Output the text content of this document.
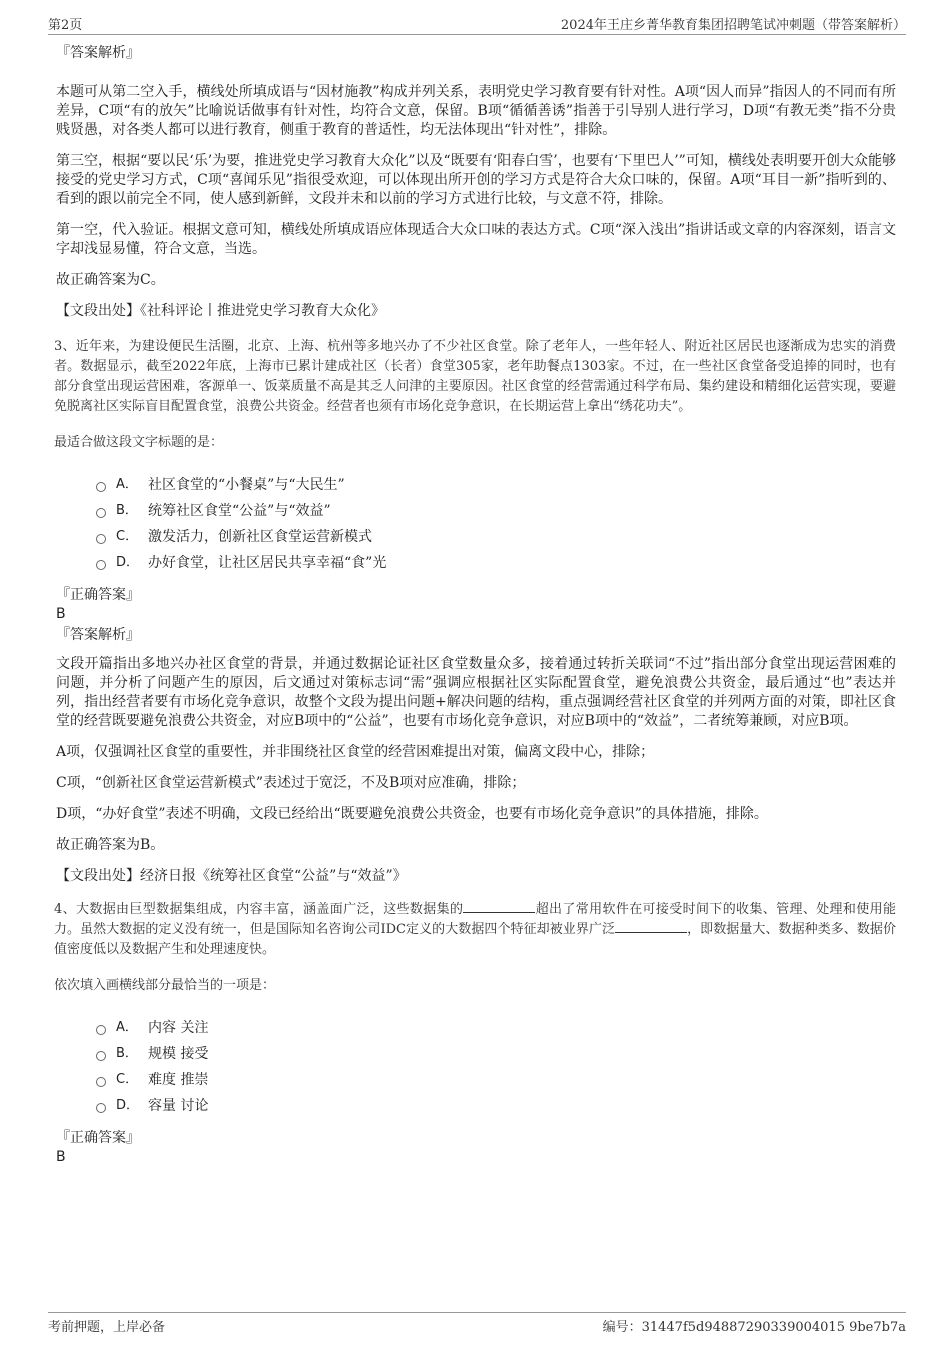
第2页	2024年王庄乡菁华教育集团招聘笔试冲刺题（带答案解析）

『答案解析』

本题可从第二空入手，横线处所填成语与“因材施教”构成并列关系，表明党史学习教育要有针对性。A项“因人而异”指因人的不同而有所差异，C项“有的放矢”比喻说话做事有针对性，均符合文意，保留。B项“循循善诱”指善于引导别人进行学习，D项“有教无类”指不分贵贱贤愚，对各类人都可以进行教育，侧重于教育的普适性，均无法体现出“针对性”，排除。

第三空，根据“要以民‘乐’为要，推进党史学习教育大众化”以及“既要有‘阳春白雪’，也要有‘下里巴人’”可知，横线处表明要开创大众能够接受的党史学习方式，C项“喜闻乐见”指很受欢迎，可以体现出所开创的学习方式是符合大众口味的，保留。A项“耳目一新”指听到的、看到的跟以前完全不同，使人感到新鲜，文段并未和以前的学习方式进行比较，与文意不符，排除。

第一空，代入验证。根据文意可知，横线处所填成语应体现适合大众口味的表达方式。C项“深入浅出”指讲话或文章的内容深刻，语言文字却浅显易懂，符合文意，当选。

故正确答案为C。

【文段出处】《社科评论丨推进党史学习教育大众化》

3、近年来，为建设便民生活圈，北京、上海、杭州等多地兴办了不少社区食堂。除了老年人，一些年轻人、附近社区居民也逐渐成为忠实的消费者。数据显示，截至2022年底，上海市已累计建成社区（长者）食堂305家，老年助餐点1303家。不过，在一些社区食堂备受追捧的同时，也有部分食堂出现运营困难，客源单一、饭菜质量不高是其乏人问津的主要原因。社区食堂的经营需通过科学布局、集约建设和精细化运营实现，要避免脱离社区实际盲目配置食堂，浪费公共资金。经营者也须有市场化竞争意识，在长期运营上拿出“绣花功夫”。

最适合做这段文字标题的是：

A． 社区食堂的“小餐桌”与“大民生”
B． 统筹社区食堂“公益”与“效益”
C． 激发活力，创新社区食堂运营新模式
D． 办好食堂，让社区居民共享幸福“食”光

『正确答案』

B

『答案解析』

文段开篇指出多地兴办社区食堂的背景，并通过数据论证社区食堂数量众多，接着通过转折关联词“不过”指出部分食堂出现运营困难的问题，并分析了问题产生的原因，后文通过对策标志词“需”强调应根据社区实际配置食堂，避免浪费公共资金，最后通过“也”表达并列，指出经营者要有市场化竞争意识，故整个文段为提出问题+解决问题的结构，重点强调经营社区食堂的并列两方面的对策，即社区食堂的经营既要避免浪费公共资金，对应B项中的“公益”，也要有市场化竞争意识，对应B项中的“效益”，二者统筹兼顾，对应B项。

A项，仅强调社区食堂的重要性，并非围绕社区食堂的经营困难提出对策，偏离文段中心，排除；

C项，“创新社区食堂运营新模式”表述过于宽泛，不及B项对应准确，排除；

D项，“办好食堂”表述不明确，文段已经给出“既要避免浪费公共资金，也要有市场化竞争意识”的具体措施，排除。

故正确答案为B。

【文段出处】经济日报《统筹社区食堂“公益”与“效益”》

4、大数据由巨型数据集组成，内容丰富，涵盖面广泛，这些数据集的	超出了常用软件在可接受时间下的收集、管理、处理和使用能力。虽然大数据的定义没有统一，但是国际知名咨询公司IDC定义的大数据四个特征却被业界广泛	，即数据量大、数据种类多、数据价值密度低以及数据产生和处理速度快。

依次填入画横线部分最恰当的一项是：

A． 内容 关注
B． 规模 接受
C． 难度 推崇
D． 容量 讨论

『正确答案』

B

考前押题，上岸必备	编号：31447f5d94887290339004015 9be7b7a
